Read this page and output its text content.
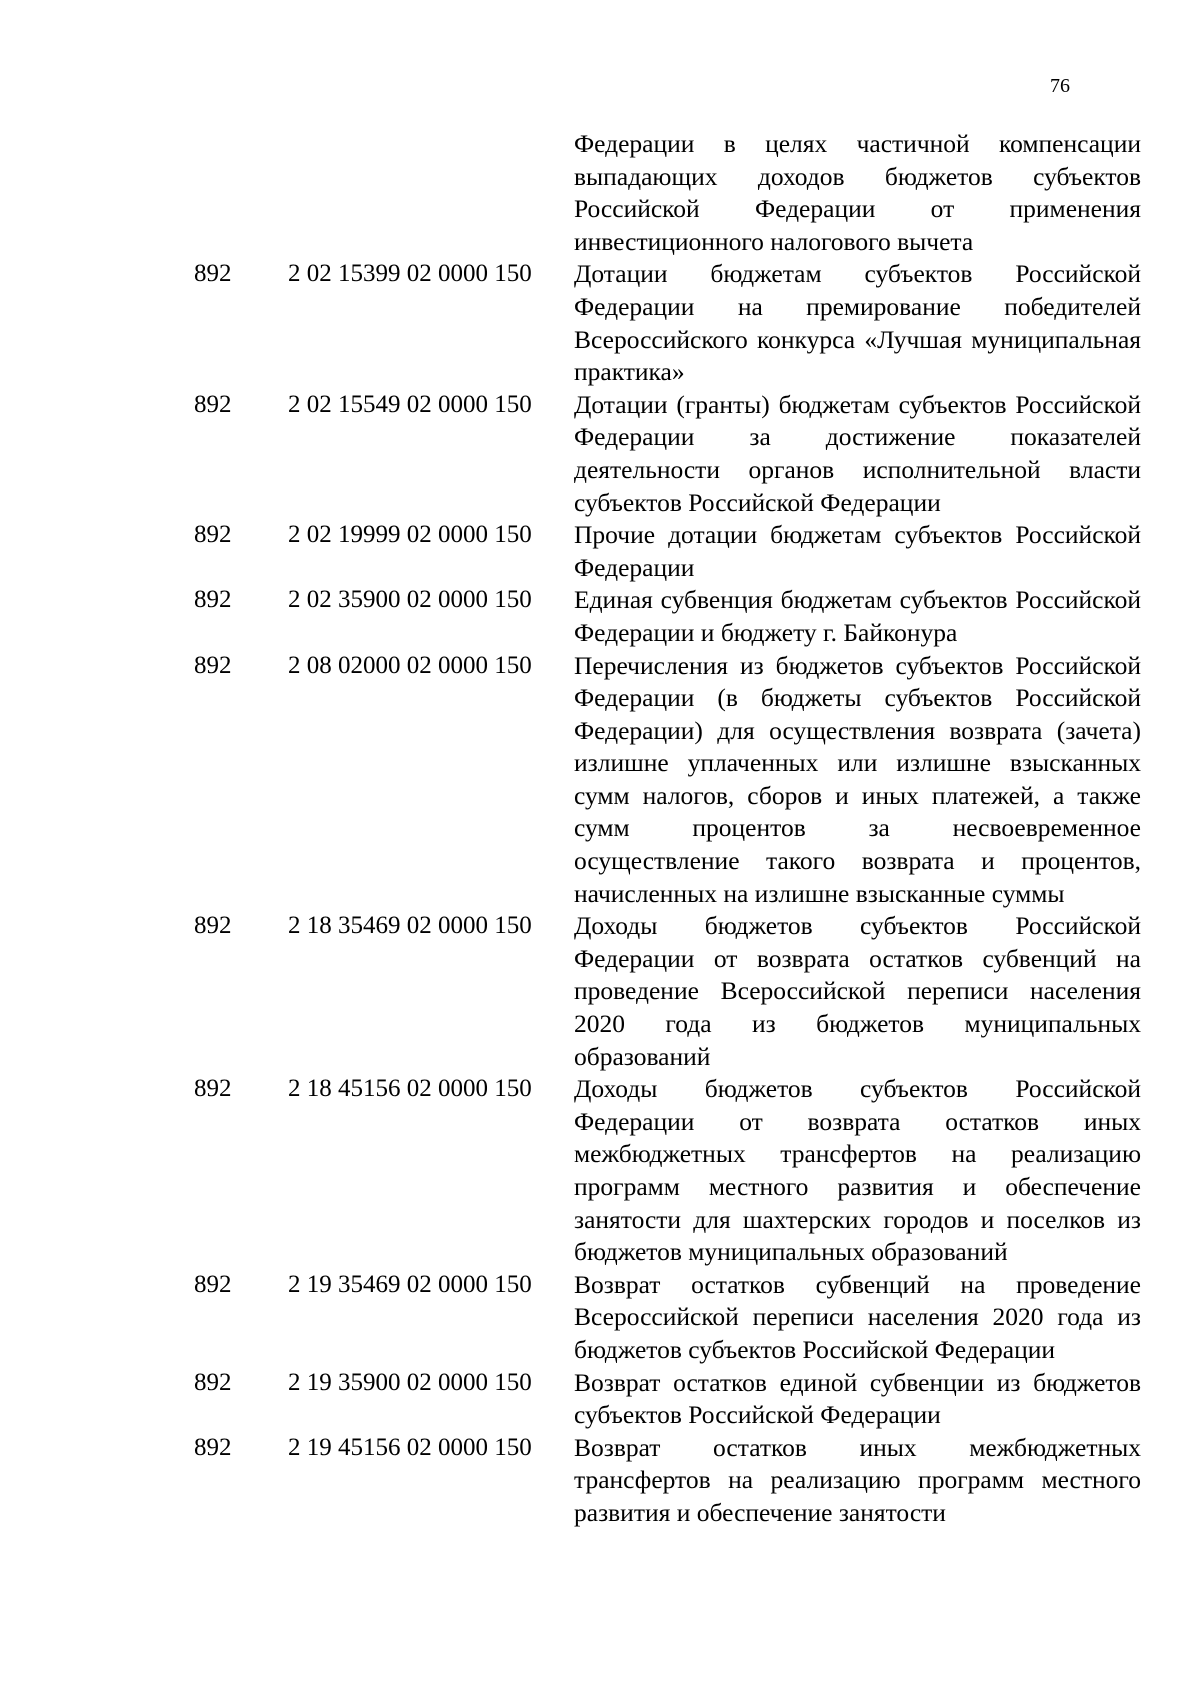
76
Федерации в целях частичной компенсации выпадающих доходов бюджетов субъектов Российской Федерации от применения инвестиционного налогового вычета
892 2 02 15399 02 0000 150 Дотации бюджетам субъектов Российской Федерации на премирование победителей Всероссийского конкурса «Лучшая муниципальная практика»
892 2 02 15549 02 0000 150 Дотации (гранты) бюджетам субъектов Российской Федерации за достижение показателей деятельности органов исполнительной власти субъектов Российской Федерации
892 2 02 19999 02 0000 150 Прочие дотации бюджетам субъектов Российской Федерации
892 2 02 35900 02 0000 150 Единая субвенция бюджетам субъектов Российской Федерации и бюджету г. Байконура
892 2 08 02000 02 0000 150 Перечисления из бюджетов субъектов Российской Федерации (в бюджеты субъектов Российской Федерации) для осуществления возврата (зачета) излишне уплаченных или излишне взысканных сумм налогов, сборов и иных платежей, а также сумм процентов за несвоевременное осуществление такого возврата и процентов, начисленных на излишне взысканные суммы
892 2 18 35469 02 0000 150 Доходы бюджетов субъектов Российской Федерации от возврата остатков субвенций на проведение Всероссийской переписи населения 2020 года из бюджетов муниципальных образований
892 2 18 45156 02 0000 150 Доходы бюджетов субъектов Российской Федерации от возврата остатков иных межбюджетных трансфертов на реализацию программ местного развития и обеспечение занятости для шахтерских городов и поселков из бюджетов муниципальных образований
892 2 19 35469 02 0000 150 Возврат остатков субвенций на проведение Всероссийской переписи населения 2020 года из бюджетов субъектов Российской Федерации
892 2 19 35900 02 0000 150 Возврат остатков единой субвенции из бюджетов субъектов Российской Федерации
892 2 19 45156 02 0000 150 Возврат остатков иных межбюджетных трансфертов на реализацию программ местного развития и обеспечение занятости
